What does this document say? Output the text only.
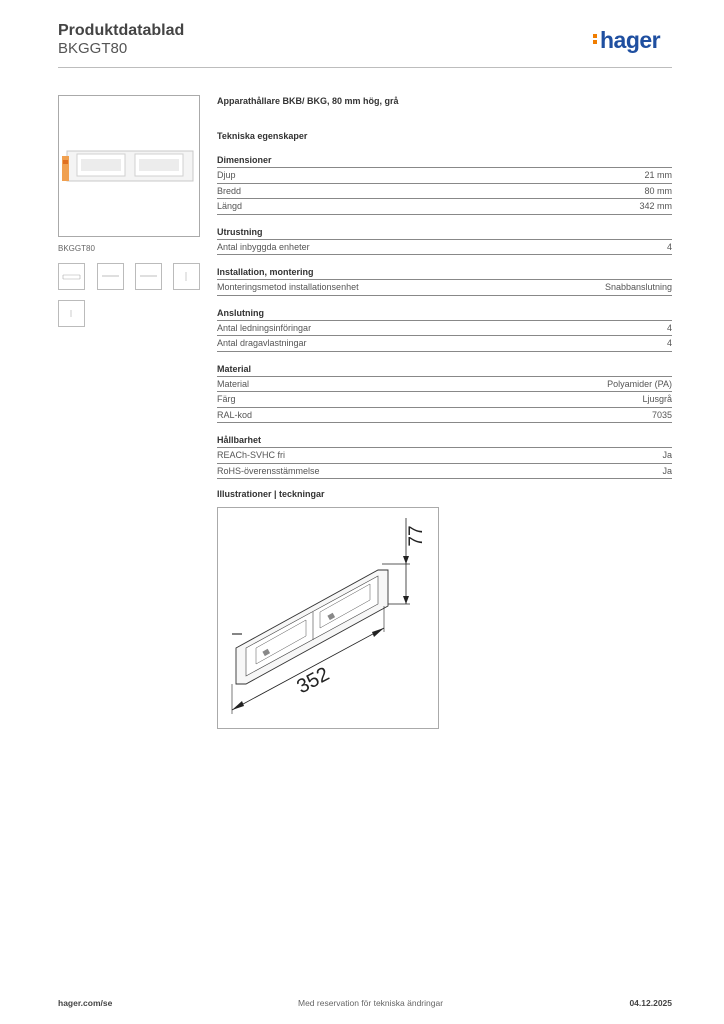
Produktdatablad
BKGGT80	hager
BKGGT80
Apparathållare BKB/ BKG, 80 mm hög, grå
Tekniska egenskaper
Dimensioner
Djup	21 mm
Bredd	80 mm
Längd	342 mm
Utrustning
Antal inbyggda enheter	4
Installation, montering
Monteringsmetod installationsenhet	Snabbanslutning
Anslutning
Antal ledningsinföringar	4
Antal dragavlastningar	4
Material
Material	Polyamider (PA)
Färg	Ljusgrå
RAL-kod	7035
Hållbarhet
REACh-SVHC fri	Ja
RoHS-överensstämmelse	Ja
Illustrationer | teckningar
77
352
hager.com/se	Med reservation för tekniska ändringar	04.12.2025
